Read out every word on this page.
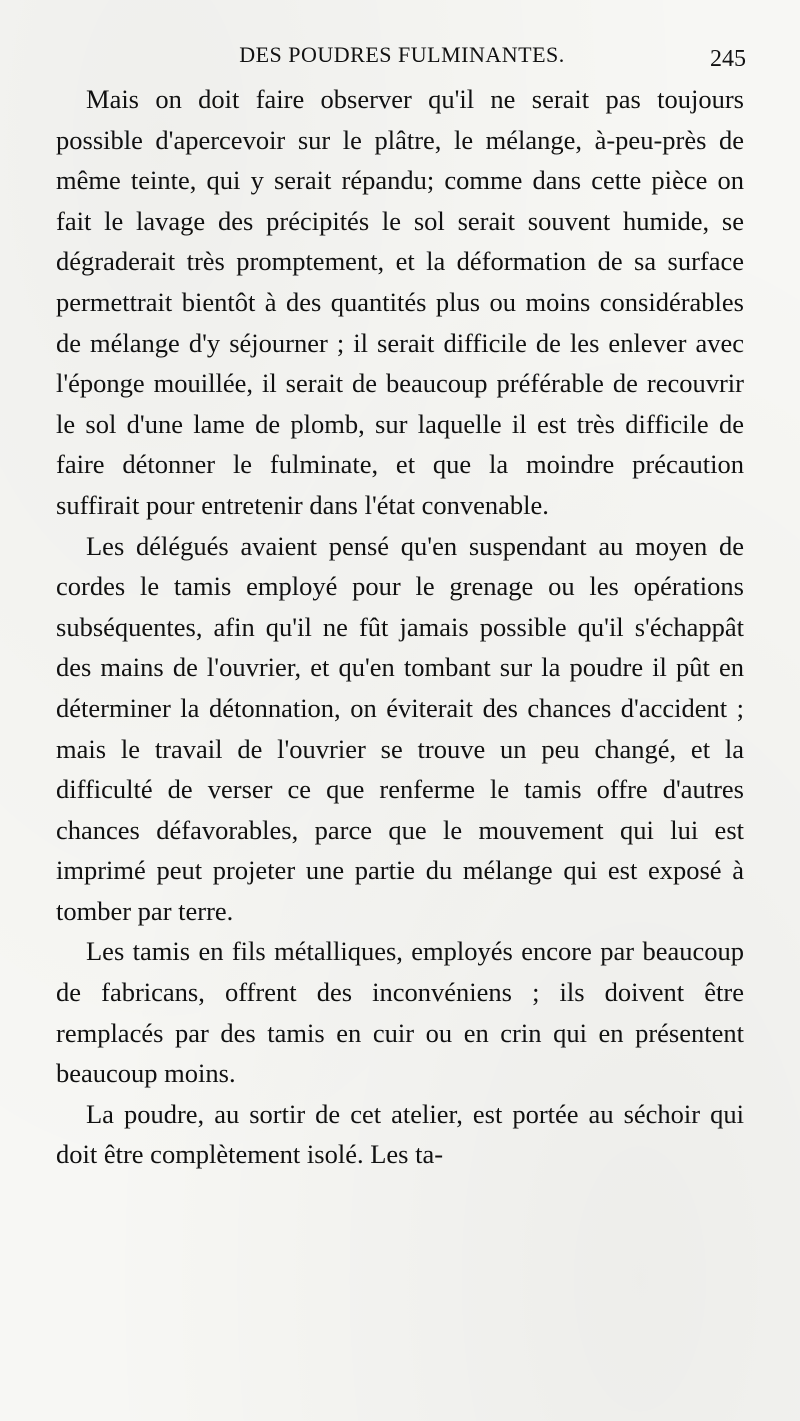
DES POUDRES FULMINANTES.	245

Mais on doit faire observer qu'il ne serait pas toujours possible d'apercevoir sur le plâtre, le mélange, à-peu-près de même teinte, qui y serait répandu; comme dans cette pièce on fait le lavage des précipités le sol serait souvent humide, se dégraderait très promptement, et la déformation de sa surface permettrait bientôt à des quantités plus ou moins considérables de mélange d'y séjourner ; il serait difficile de les enlever avec l'éponge mouillée, il serait de beaucoup préférable de recouvrir le sol d'une lame de plomb, sur laquelle il est très difficile de faire détonner le fulminate, et que la moindre précaution suffirait pour entretenir dans l'état convenable.

Les délégués avaient pensé qu'en suspendant au moyen de cordes le tamis employé pour le grenage ou les opérations subséquentes, afin qu'il ne fût jamais possible qu'il s'échappât des mains de l'ouvrier, et qu'en tombant sur la poudre il pût en déterminer la détonnation, on éviterait des chances d'accident ; mais le travail de l'ouvrier se trouve un peu changé, et la difficulté de verser ce que renferme le tamis offre d'autres chances défavorables, parce que le mouvement qui lui est imprimé peut projeter une partie du mélange qui est exposé à tomber par terre.

Les tamis en fils métalliques, employés encore par beaucoup de fabricans, offrent des inconvéniens ; ils doivent être remplacés par des tamis en cuir ou en crin qui en présentent beaucoup moins.

La poudre, au sortir de cet atelier, est portée au séchoir qui doit être complètement isolé. Les ta-
